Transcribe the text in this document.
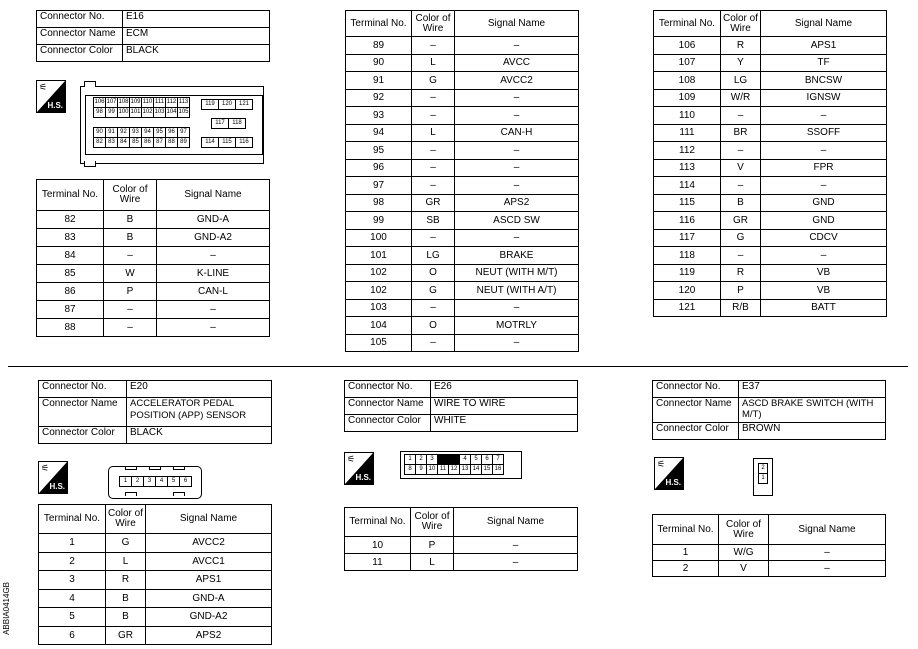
Connector No.	E16
Connector Name	ECM
Connector Color	BLACK
⚟
H.S.	106 107 108 109 110 111 112 113
98 99 100 101 102 103 104 105
90 91 92 93 94 95 96 97
82 83 84 85 86 87 88 89
119	120	121
117	118
114	115	116
Terminal No.	Color of Wire	Signal Name
82	B	GND-A
83	B	GND-A2
84	–	–
85	W	K-LINE
86	P	CAN-L
87	–	–
88	–	–
Terminal No.	Color of Wire	Signal Name
89	–	–
90	L	AVCC
91	G	AVCC2
92	–	–
93	–	–
94	L	CAN-H
95	–	–
96	–	–
97	–	–
98	GR	APS2
99	SB	ASCD SW
100	–	–
101	LG	BRAKE
102	O	NEUT (WITH M/T)
102	G	NEUT (WITH A/T)
103	–	–
104	O	MOTRLY
105	–	–
Terminal No.	Color of Wire	Signal Name
106	R	APS1
107	Y	TF
108	LG	BNCSW
109	W/R	IGNSW
110	–	–
111	BR	SSOFF
112	–	–
113	V	FPR
114	–	–
115	B	GND
116	GR	GND
117	G	CDCV
118	–	–
119	R	VB
120	P	VB
121	R/B	BATT
Connector No.	E20
Connector Name	ACCELERATOR PEDAL POSITION (APP) SENSOR
Connector Color	BLACK
⚟
H.S.
1	2	3	4	5	6
Terminal No.	Color of Wire	Signal Name
1	G	AVCC2
2	L	AVCC1
3	R	APS1
4	B	GND-A
5	B	GND-A2
6	GR	APS2
Connector No.	E26
Connector Name	WIRE TO WIRE
Connector Color	WHITE
⚟
H.S.
1	2	3
	4	5	6	7
8	9 10 11 12 13 14 15 16
Terminal No.	Color of Wire	Signal Name
10	P	–
11	L	–
Connector No.	E37
Connector Name	ASCD BRAKE SWITCH (WITH M/T)
Connector Color	BROWN
⚟
H.S.
2
1
Terminal No.	Color of Wire	Signal Name
1	W/G	–
2	V	–
ABBIA0414GB
